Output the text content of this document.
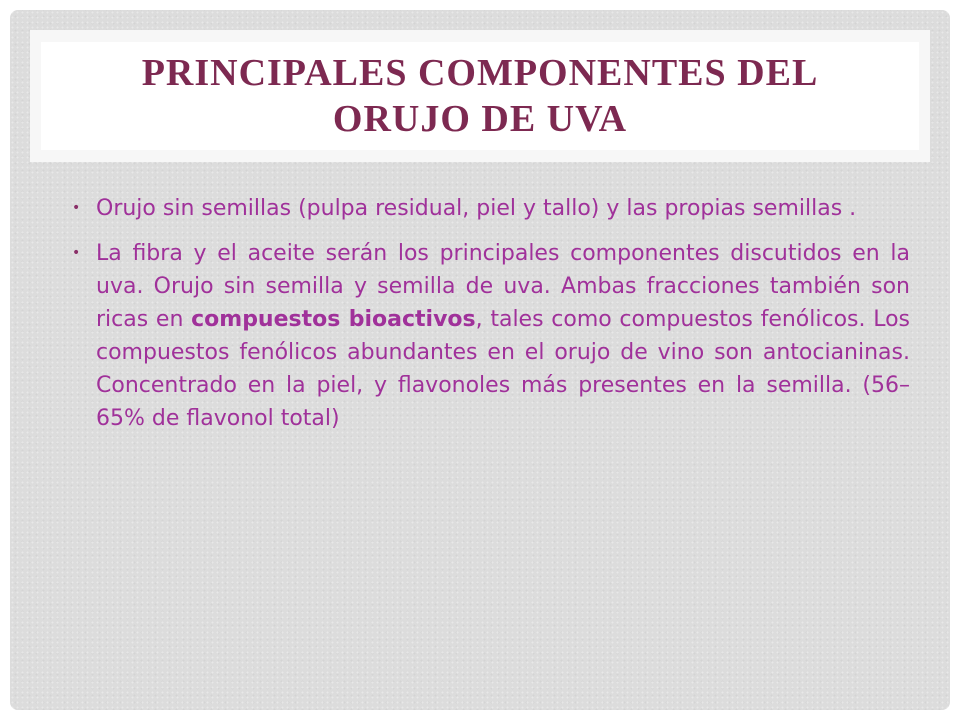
PRINCIPALES COMPONENTES DEL ORUJO DE UVA
• Orujo sin semillas (pulpa residual, piel y tallo) y las propias semillas .
• La fibra y el aceite serán los principales componentes discutidos en la uva. Orujo sin semilla y semilla de uva. Ambas fracciones también son ricas en compuestos bioactivos, tales como compuestos fenólicos. Los compuestos fenólicos abundantes en el orujo de vino son antocianinas. Concentrado en la piel, y flavonoles más presentes en la semilla. (56–65% de flavonol total)
